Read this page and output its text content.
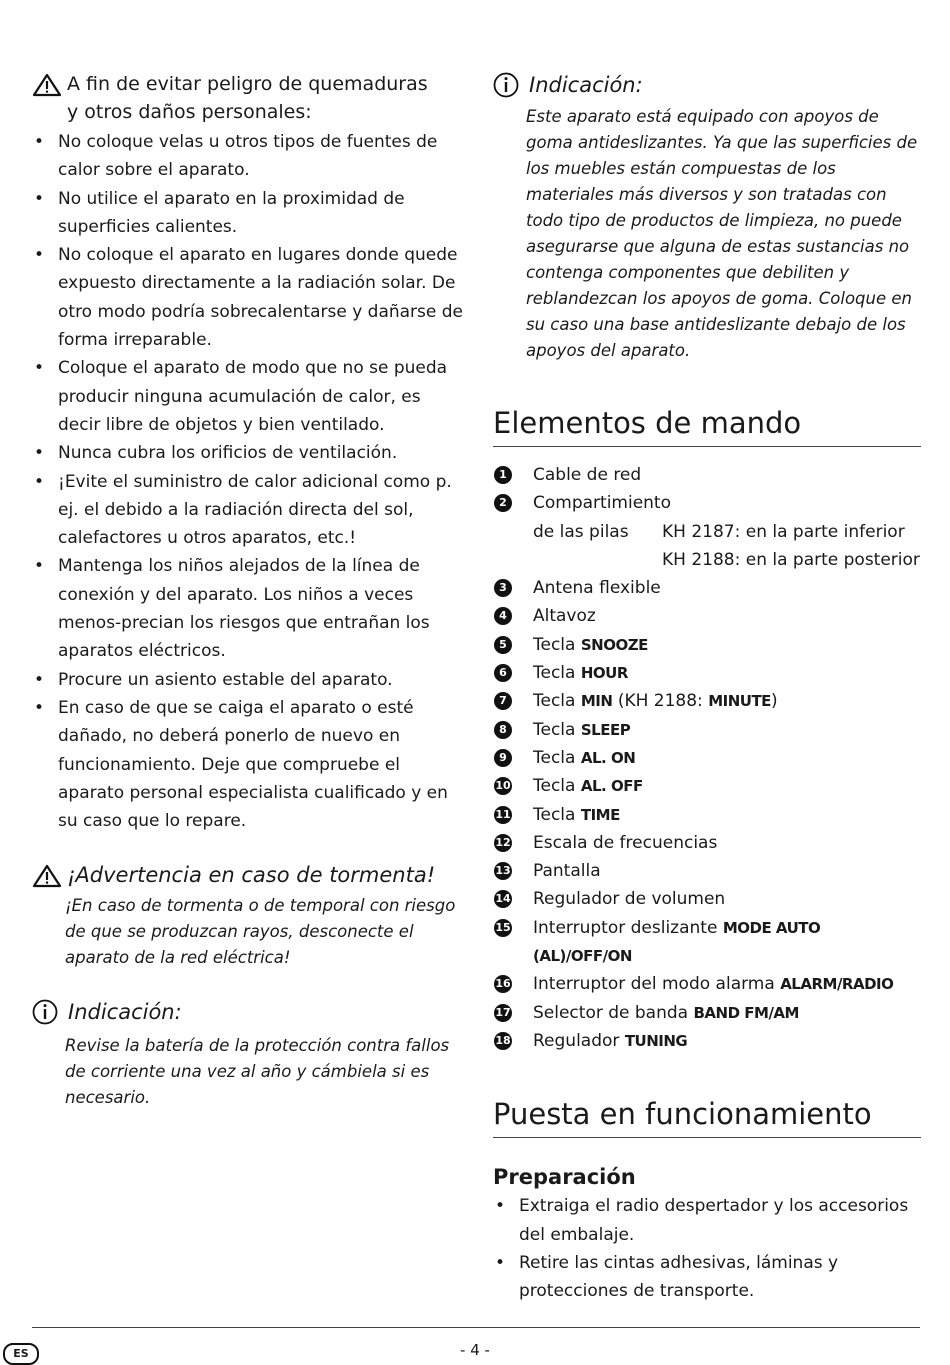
A fin de evitar peligro de quemaduras
y otros daños personales:
• No coloque velas u otros tipos de fuentes de calor sobre el aparato.
• No utilice el aparato en la proximidad de superficies calientes.
• No coloque el aparato en lugares donde quede expuesto directamente a la radiación solar. De otro modo podría sobrecalentarse y dañarse de forma irreparable.
• Coloque el aparato de modo que no se pueda producir ninguna acumulación de calor, es decir libre de objetos y bien ventilado.
• Nunca cubra los orificios de ventilación.
• ¡Evite el suministro de calor adicional como p. ej. el debido a la radiación directa del sol, calefactores u otros aparatos, etc.!
• Mantenga los niños alejados de la línea de conexión y del aparato. Los niños a veces menos-precian los riesgos que entrañan los aparatos eléctricos.
• Procure un asiento estable del aparato.
• En caso de que se caiga el aparato o esté dañado, no deberá ponerlo de nuevo en funcionamiento. Deje que compruebe el aparato personal especialista cualificado y en su caso que lo repare.
¡Advertencia en caso de tormenta!

¡En caso de tormenta o de temporal con riesgo de que se produzcan rayos, desconecte el aparato de la red eléctrica!

Indicación:

Revise la batería de la protección contra fallos de corriente una vez al año y cámbiela si es necesario.

Indicación:

Este aparato está equipado con apoyos de goma antideslizantes. Ya que las superficies de los muebles están compuestas de los materiales más diversos y son tratadas con todo tipo de productos de limpieza, no puede asegurarse que alguna de estas sustancias no contenga componentes que debiliten y reblandezcan los apoyos de goma. Coloque en su caso una base antideslizante debajo de los apoyos del aparato.

Elementos de mando
1	Cable de red
2	Compartimiento
de las pilas	KH 2187: en la parte inferior
KH 2188: en la parte posterior
3	Antena flexible
4	Altavoz
5	Tecla SNOOZE
6	Tecla HOUR
7	Tecla MIN (KH 2188: MINUTE)
8	Tecla SLEEP
9	Tecla AL. ON
10 Tecla AL. OFF
11 Tecla TIME
12 Escala de frecuencias
13 Pantalla
14 Regulador de volumen
15 Interruptor deslizante MODE AUTO (AL)/OFF/ON
16 Interruptor del modo alarma ALARM/RADIO
17 Selector de banda BAND FM/AM
18 Regulador TUNING
Puesta en funcionamiento
Preparación
• Extraiga el radio despertador y los accesorios del embalaje.
• Retire las cintas adhesivas, láminas y protecciones de transporte.
ES	- 4 -
